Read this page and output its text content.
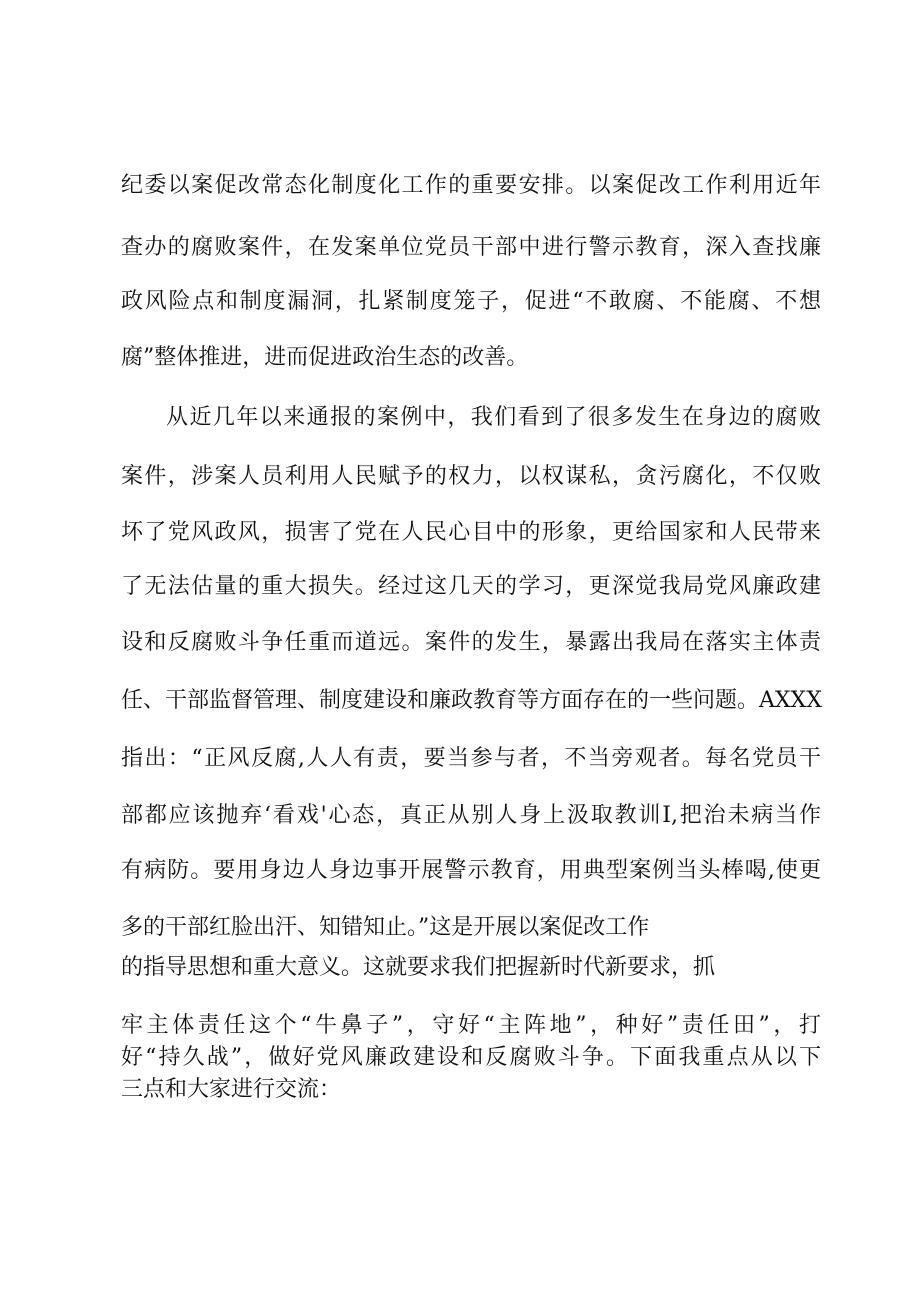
纪委以案促改常态化制度化工作的重要安排。以案促改工作利用近年

查办的腐败案件，在发案单位党员干部中进行警示教育，深入查找廉

政风险点和制度漏洞，扎紧制度笼子，促进“不敢腐、不能腐、不想

腐”整体推进，进而促进政治生态的改善。

从近几年以来通报的案例中，我们看到了很多发生在身边的腐败

案件，涉案人员利用人民赋予的权力，以权谋私，贪污腐化，不仅败

坏了党风政风，损害了党在人民心目中的形象，更给国家和人民带来

了无法估量的重大损失。经过这几天的学习，更深觉我局党风廉政建

设和反腐败斗争任重而道远。案件的发生，暴露出我局在落实主体责

任、干部监督管理、制度建设和廉政教育等方面存在的一些问题。AXXX

指出：“正风反腐,人人有责，要当参与者，不当旁观者。每名党员干

部都应该抛弃‘看戏'心态，真正从别人身上汲取教训I,把治未病当作

有病防。要用身边人身边事开展警示教育，用典型案例当头棒喝,使更

多的干部红脸出汗、知错知止。”这是开展以案促改工作

的指导思想和重大意义。这就要求我们把握新时代新要求，抓

牢主体责任这个“牛鼻子”，守好“主阵地”，种好”责任田”，打

好“持久战”，做好党风廉政建设和反腐败斗争。下面我重点从以下

三点和大家进行交流：
